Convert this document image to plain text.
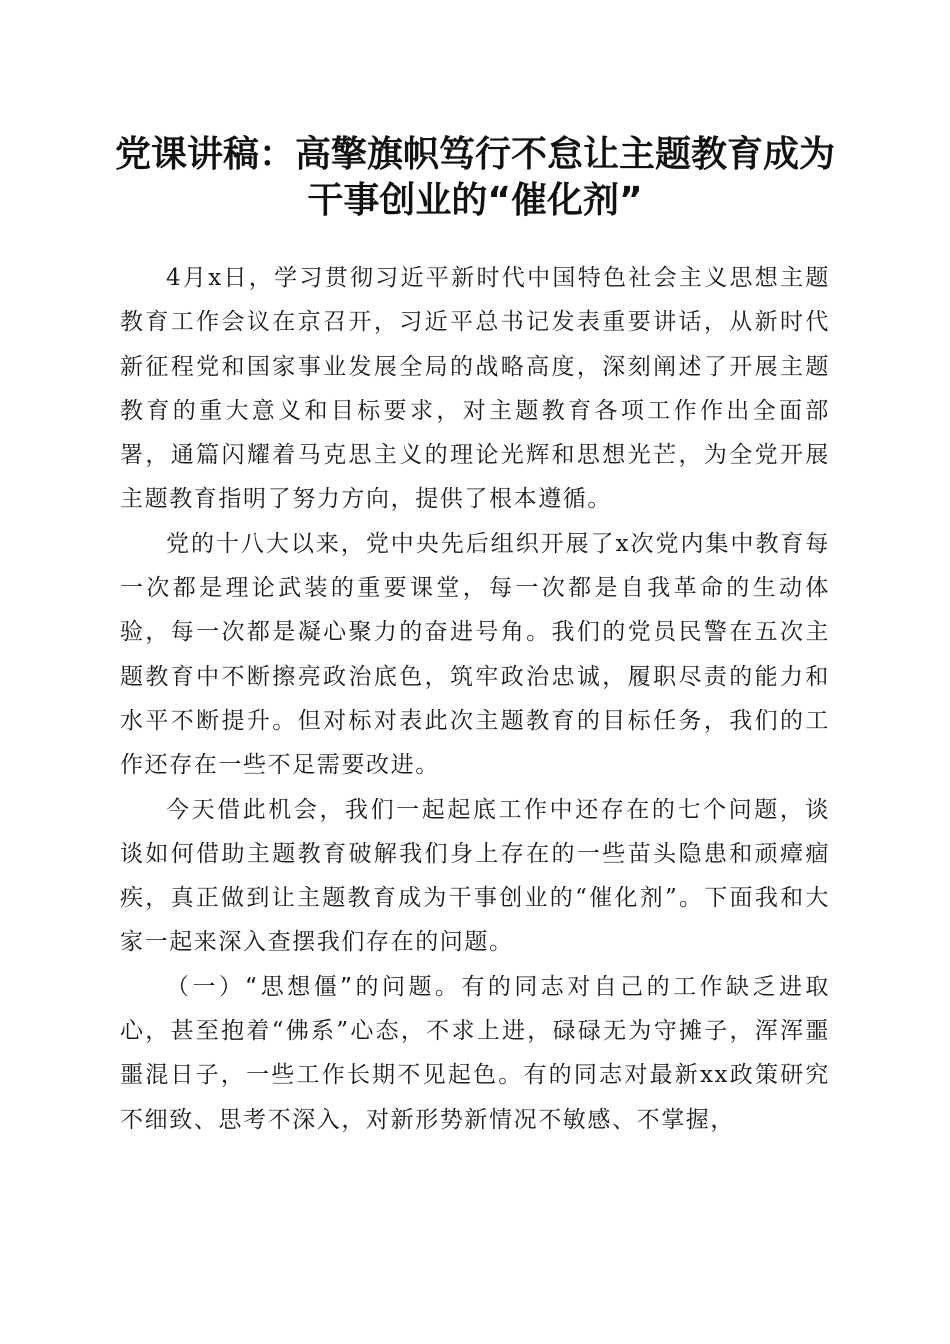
党课讲稿：高擎旗帜笃行不怠让主题教育成为
干事创业的“催化剂”

4月x日，学习贯彻习近平新时代中国特色社会主义思想主题教育工作会议在京召开，习近平总书记发表重要讲话，从新时代新征程党和国家事业发展全局的战略高度，深刻阐述了开展主题教育的重大意义和目标要求，对主题教育各项工作作出全面部署，通篇闪耀着马克思主义的理论光辉和思想光芒，为全党开展主题教育指明了努力方向，提供了根本遵循。

党的十八大以来，党中央先后组织开展了x次党内集中教育每一次都是理论武装的重要课堂，每一次都是自我革命的生动体验，每一次都是凝心聚力的奋进号角。我们的党员民警在五次主题教育中不断擦亮政治底色，筑牢政治忠诚，履职尽责的能力和水平不断提升。但对标对表此次主题教育的目标任务，我们的工作还存在一些不足需要改进。

今天借此机会，我们一起起底工作中还存在的七个问题，谈谈如何借助主题教育破解我们身上存在的一些苗头隐患和顽瘴痼疾，真正做到让主题教育成为干事创业的“催化剂”。下面我和大家一起来深入查摆我们存在的问题。

（一）“思想僵”的问题。有的同志对自己的工作缺乏进取心，甚至抱着“佛系”心态，不求上进，碌碌无为守摊子，浑浑噩噩混日子，一些工作长期不见起色。有的同志对最新xx政策研究不细致、思考不深入，对新形势新情况不敏感、不掌握，
